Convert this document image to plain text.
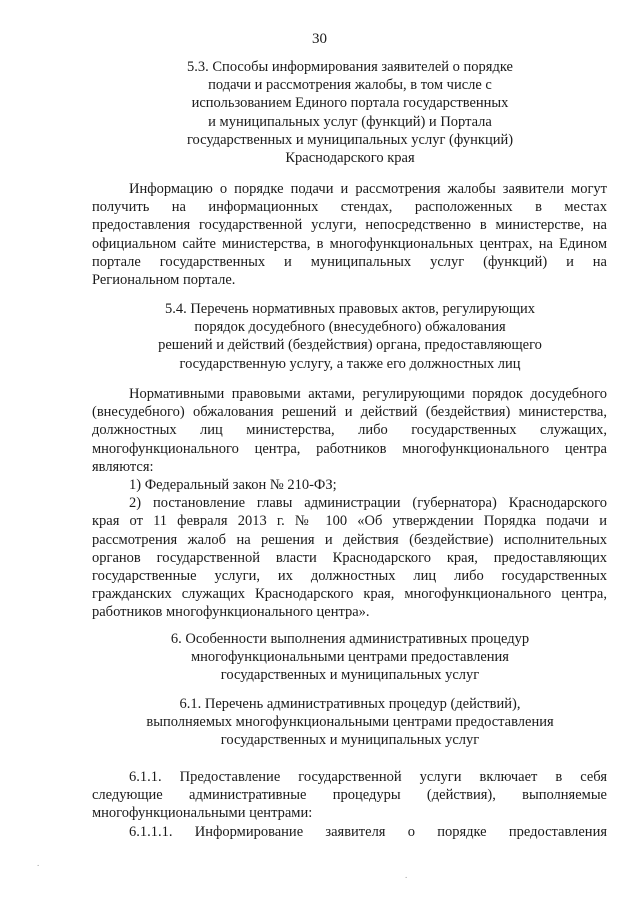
30
5.3. Способы информирования заявителей о порядке
подачи и рассмотрения жалобы, в том числе с
использованием Единого портала государственных
и муниципальных услуг (функций) и Портала
государственных и муниципальных услуг (функций)
Краснодарского края
Информацию о порядке подачи и рассмотрения жалобы заявители могут
получить на информационных стендах, расположенных в местах
предоставления государственной услуги, непосредственно в министерстве, на
официальном сайте министерства, в многофункциональных центрах, на Едином
портале государственных и муниципальных услуг (функций) и на
Региональном портале.
5.4. Перечень нормативных правовых актов, регулирующих
порядок досудебного (внесудебного) обжалования
решений и действий (бездействия) органа, предоставляющего
государственную услугу, а также его должностных лиц
Нормативными правовыми актами, регулирующими порядок досудебного
(внесудебного) обжалования решений и действий (бездействия) министерства,
должностных лиц министерства, либо государственных служащих,
многофункционального центра, работников многофункционального центра
являются:
1) Федеральный закон № 210-ФЗ;
2) постановление главы администрации (губернатора) Краснодарского
края от 11 февраля 2013 г. № 100 «Об утверждении Порядка подачи и
рассмотрения жалоб на решения и действия (бездействие) исполнительных
органов государственной власти Краснодарского края, предоставляющих
государственные услуги, их должностных лиц либо государственных
гражданских служащих Краснодарского края, многофункционального центра,
работников многофункционального центра».
6. Особенности выполнения административных процедур
многофункциональными центрами предоставления
государственных и муниципальных услуг
6.1. Перечень административных процедур (действий),
выполняемых многофункциональными центрами предоставления
государственных и муниципальных услуг
6.1.1. Предоставление государственной услуги включает в себя
следующие административные процедуры (действия), выполняемые
многофункциональными центрами:
6.1.1.1. Информирование заявителя о порядке предоставления
.
.
